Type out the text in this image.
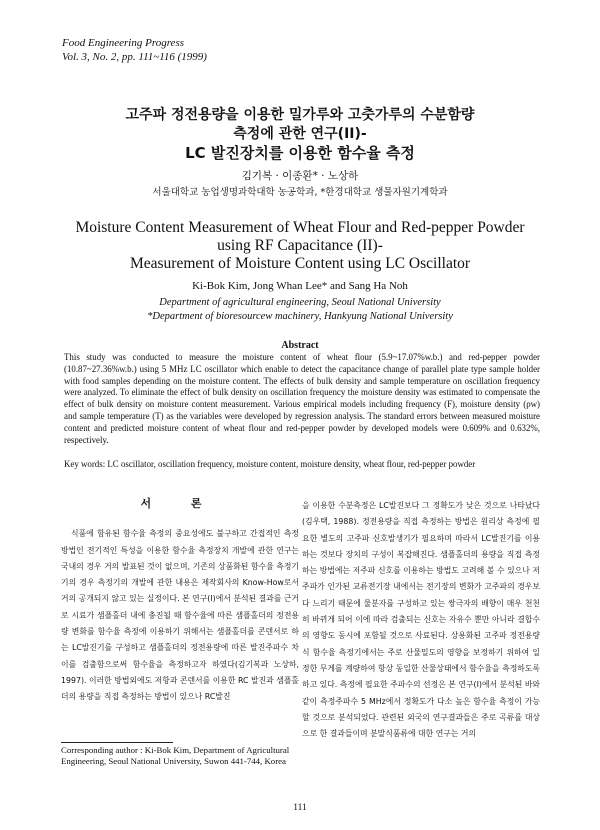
Food Engineering Progress
Vol. 3, No. 2, pp. 111~116 (1999)
고주파 정전용량을 이용한 밀가루와 고춧가루의 수분함량
측정에 관한 연구(II)-
LC 발진장치를 이용한 함수율 측정
김기복 · 이종환* · 노상하
서울대학교 농업생명과학대학 농공학과, *한경대학교 생물자원기계학과
Moisture Content Measurement of Wheat Flour and Red-pepper Powder
using RF Capacitance (II)-
Measurement of Moisture Content using LC Oscillator
Ki-Bok Kim, Jong Whan Lee* and Sang Ha Noh
Department of agricultural engineering, Seoul National University
*Department of bioresourcew machinery, Hankyung National University
Abstract
This study was conducted to measure the moisture content of wheat flour (5.9~17.07%w.b.) and red-pepper powder (10.87~27.36%w.b.) using 5 MHz LC oscillator which enable to detect the capacitance change of parallel plate type sample holder with food samples depending on the moisture content. The effects of bulk density and sample temperature on oscillation frequency were analyzed. To eliminate the effect of bulk density on oscillation frequency the moisture density was estimated to compensate the effect of bulk density on moisture content measurement. Various empirical models including frequency (F), moisture density (ρw) and sample temperature (T) as the variables were developed by regression analysis. The standard errors between measured moisture content and predicted moisture content of wheat flour and red-pepper powder by developed models were 0.609% and 0.632%, respectively.
Key words: LC oscillator, oscillation frequency, moisture content, moisture density, wheat flour, red-pepper powder
서 론

식품에 함유된 함수율 측정의 중요성에도 불구하고 간접적인 측정방법인 전기적인 특성을 이용한 함수율 측정장치 개발에 관한 연구는 국내의 경우 거의 발표된 것이 없으며, 기존의 상품화된 함수율 측정기기의 경우 측정기의 개발에 관한 내용은 제작회사의 Know-How로서 거의 공개되지 않고 있는 실정이다. 본 연구(Ⅰ)에서 분석된 결과를 근거로 시료가 샘플홀더 내에 충진될 때 함수율에 따른 샘플홀더의 정전용량 변화를 함수율 측정에 이용하기 위해서는 샘플홀더를 콘덴서로 하는 LC발진기를 구성하고 샘플홀더의 정전용량에 따른 발진주파수 차이를 검출함으로써 함수율을 측정하고자 하였다(김기복과 노상하, 1997). 이러한 방법외에도 저항과 콘덴서를 이용한 RC 발진과 샘플홀더의 용량을 직접 측정하는 방법이 있으나 RC발진

을 이용한 수분측정은 LC발진보다 그 정확도가 낮은 것으로 나타났다(김우택, 1988). 정전용량을 직접 측정하는 방법은 원리상 측정에 필요한 별도의 고주파 신호발생기가 필요하며 따라서 LC발진기를 이용하는 것보다 장치의 구성이 복잡해진다. 샘플홀더의 용량을 직접 측정하는 방법에는 저주파 신호를 이용하는 방법도 고려해 볼 수 있으나 저주파가 인가된 교류전기장 내에서는 전기장의 변화가 고주파의 경우보다 느리기 때문에 물분자를 구성하고 있는 쌍극자의 배향이 매우 천천히 바뀌게 되어 이에 따라 검출되는 신호는 자유수 뿐만 아니라 결합수의 영향도 동시에 포함될 것으로 사료된다. 상용화된 고주파 정전용량식 함수율 측정기에서는 주로 산물밀도의 영향을 보정하기 위하여 일정한 무게를 계량하여 항상 동일한 산물상태에서 함수율을 측정하도록 하고 있다. 측정에 필요한 주파수의 선정은 본 연구(Ⅰ)에서 분석된 바와 같이 측정주파수 5 MHz에서 정확도가 다소 높은 함수율 측정이 가능할 것으로 분석되었다. 관련된 외국의 연구결과들은 주로 곡류를 대상으로 한 결과들이며 분말식품류에 대한 연구는 거의

Corresponding author : Ki-Bok Kim, Department of Agricultural Engineering, Seoul National University, Suwon 441-744, Korea
111
